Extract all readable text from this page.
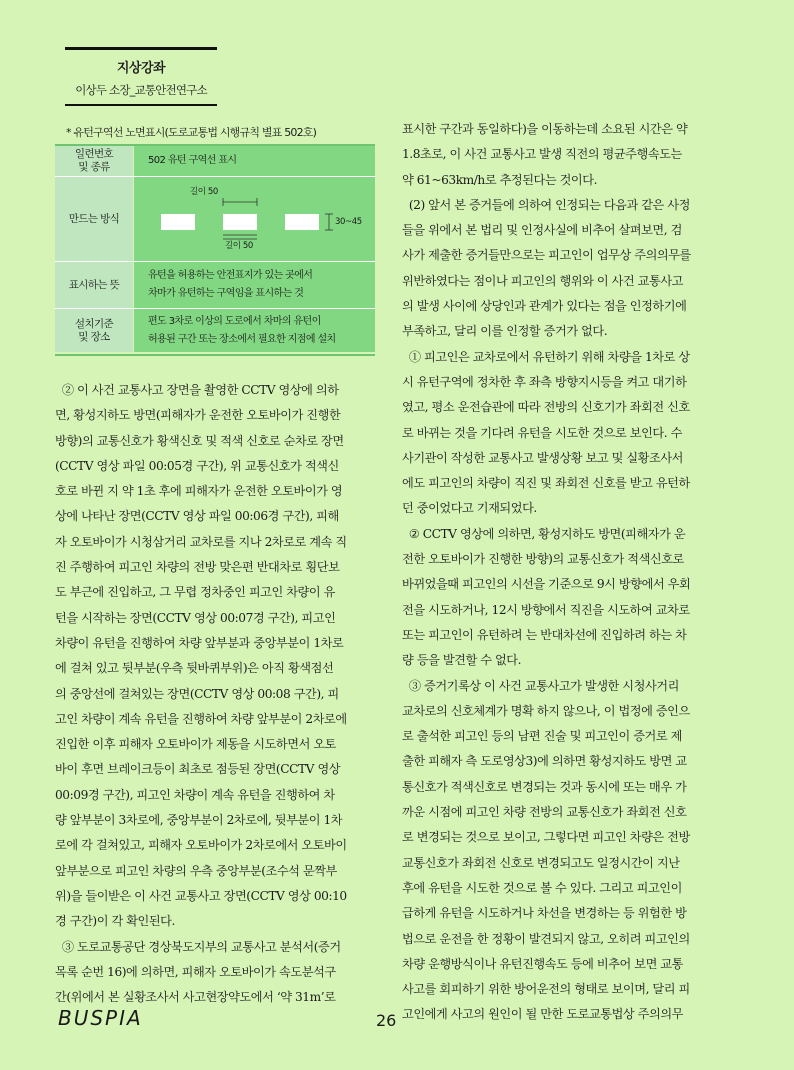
지상강좌
이상두 소장_교통안전연구소
* 유턴구역선 노면표시(도로교통법 시행규칙 별표 502호)
일련번호
및 종류
502 유턴 구역선 표시
만드는 방식
길이 50
길이 50
30~45
표시하는 뜻
유턴을 허용하는 안전표지가 있는 곳에서
차마가 유턴하는 구역임을 표시하는 것
설치기준
및 장소
편도 3차로 이상의 도로에서 차마의 유턴이
허용된 구간 또는 장소에서 필요한 지점에 설치

② 이 사건 교통사고 장면을 촬영한 CCTV 영상에 의하

면, 황성지하도 방면(피해자가 운전한 오토바이가 진행한

방향)의 교통신호가 황색신호 및 적색 신호로 순차로 장면

(CCTV 영상 파일 00:05경 구간), 위 교통신호가 적색신

호로 바뀐 지 약 1초 후에 피해자가 운전한 오토바이가 영

상에 나타난 장면(CCTV 영상 파일 00:06경 구간), 피해

자 오토바이가 시청삼거리 교차로를 지나 2차로로 계속 직

진 주행하여 피고인 차량의 전방 맞은편 반대차로 횡단보

도 부근에 진입하고, 그 무렵 정차중인 피고인 차량이 유

턴을 시작하는 장면(CCTV 영상 00:07경 구간), 피고인

차량이 유턴을 진행하여 차량 앞부분과 중앙부분이 1차로

에 걸쳐 있고 뒷부분(우측 뒷바퀴부위)은 아직 황색점선

의 중앙선에 걸쳐있는 장면(CCTV 영상 00:08 구간), 피

고인 차량이 계속 유턴을 진행하여 차량 앞부분이 2차로에

진입한 이후 피해자 오토바이가 제동을 시도하면서 오토

바이 후면 브레이크등이 최초로 점등된 장면(CCTV 영상

00:09경 구간), 피고인 차량이 계속 유턴을 진행하여 차

량 앞부분이 3차로에, 중앙부분이 2차로에, 뒷부분이 1차

로에 각 걸쳐있고, 피해자 오토바이가 2차로에서 오토바이

앞부분으로 피고인 차량의 우측 중앙부분(조수석 문짝부

위)을 들이받은 이 사건 교통사고 장면(CCTV 영상 00:10

경 구간)이 각 확인된다.

③ 도로교통공단 경상북도지부의 교통사고 분석서(증거

목록 순번 16)에 의하면, 피해자 오토바이가 속도분석구

간(위에서 본 실황조사서 사고현장약도에서 ‘약 31m’로

표시한 구간과 동일하다)을 이동하는데 소요된 시간은 약

1.8초로, 이 사건 교통사고 발생 직전의 평균주행속도는

약 61~63km/h로 추정된다는 것이다.

(2) 앞서 본 증거들에 의하여 인정되는 다음과 같은 사정

들을 위에서 본 법리 및 인정사실에 비추어 살펴보면, 검

사가 제출한 증거들만으로는 피고인이 업무상 주의의무를

위반하였다는 점이나 피고인의 행위와 이 사건 교통사고

의 발생 사이에 상당인과 관계가 있다는 점을 인정하기에

부족하고, 달리 이를 인정할 증거가 없다.

① 피고인은 교차로에서 유턴하기 위해 차량을 1차로 상

시 유턴구역에 정차한 후 좌측 방향지시등을 켜고 대기하

였고, 평소 운전습관에 따라 전방의 신호기가 좌회전 신호

로 바뀌는 것을 기다려 유턴을 시도한 것으로 보인다. 수

사기관이 작성한 교통사고 발생상황 보고 및 실황조사서

에도 피고인의 차량이 직진 및 좌회전 신호를 받고 유턴하

던 중이었다고 기재되었다.

② CCTV 영상에 의하면, 황성지하도 방면(피해자가 운

전한 오토바이가 진행한 방향)의 교통신호가 적색신호로

바뀌었을때 피고인의 시선을 기준으로 9시 방향에서 우회

전을 시도하거나, 12시 방향에서 직진을 시도하여 교차로

또는 피고인이 유턴하려 는 반대차선에 진입하려 하는 차

량 등을 발견할 수 없다.

③ 증거기록상 이 사건 교통사고가 발생한 시청사거리

교차로의 신호체계가 명확 하지 않으나, 이 법정에 증인으

로 출석한 피고인 등의 남편 진술 및 피고인이 증거로 제

출한 피해자 측 도로영상3)에 의하면 황성지하도 방면 교

통신호가 적색신호로 변경되는 것과 동시에 또는 매우 가

까운 시점에 피고인 차량 전방의 교통신호가 좌회전 신호

로 변경되는 것으로 보이고, 그렇다면 피고인 차량은 전방

교통신호가 좌회전 신호로 변경되고도 일정시간이 지난

후에 유턴을 시도한 것으로 볼 수 있다. 그리고 피고인이

급하게 유턴을 시도하거나 차선을 변경하는 등 위험한 방

법으로 운전을 한 정황이 발견되지 않고, 오히려 피고인의

차량 운행방식이나 유턴진행속도 등에 비추어 보면 교통

사고를 회피하기 위한 방어운전의 형태로 보이며, 달리 피

고인에게 사고의 원인이 될 만한 도로교통법상 주의의무

BUSPIA	26
